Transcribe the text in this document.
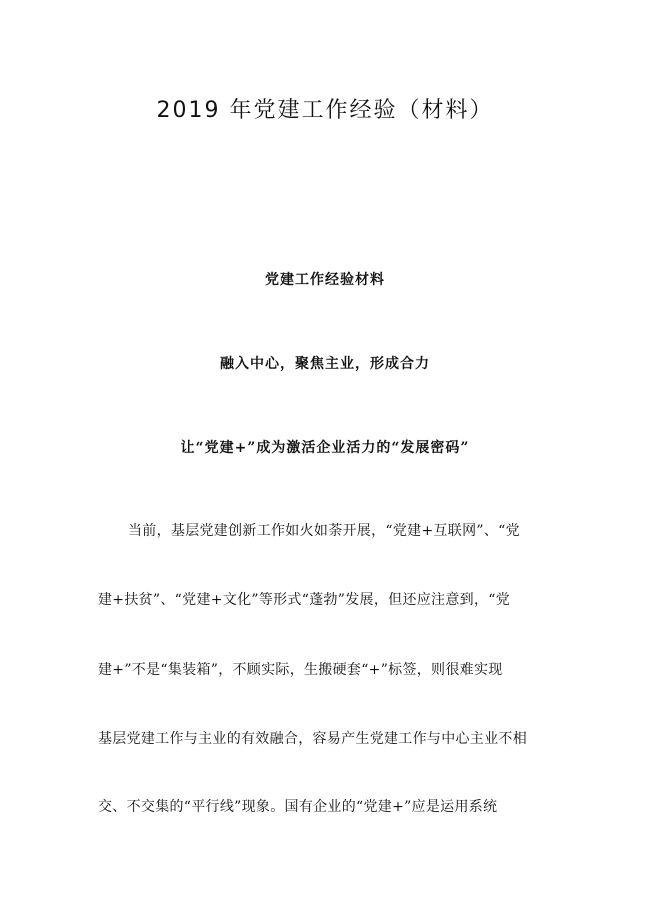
2019 年党建工作经验（材料）

党建工作经验材料

融入中心，聚焦主业，形成合力

让“党建+”成为激活企业活力的“发展密码”

当前，基层党建创新工作如火如荼开展，“党建+互联网”、“党

建+扶贫”、“党建+文化”等形式“蓬勃”发展，但还应注意到，“党

建+”不是“集装箱”，不顾实际，生搬硬套“+”标签，则很难实现

基层党建工作与主业的有效融合，容易产生党建工作与中心主业不相

交、不交集的“平行线”现象。国有企业的“党建+”应是运用系统
